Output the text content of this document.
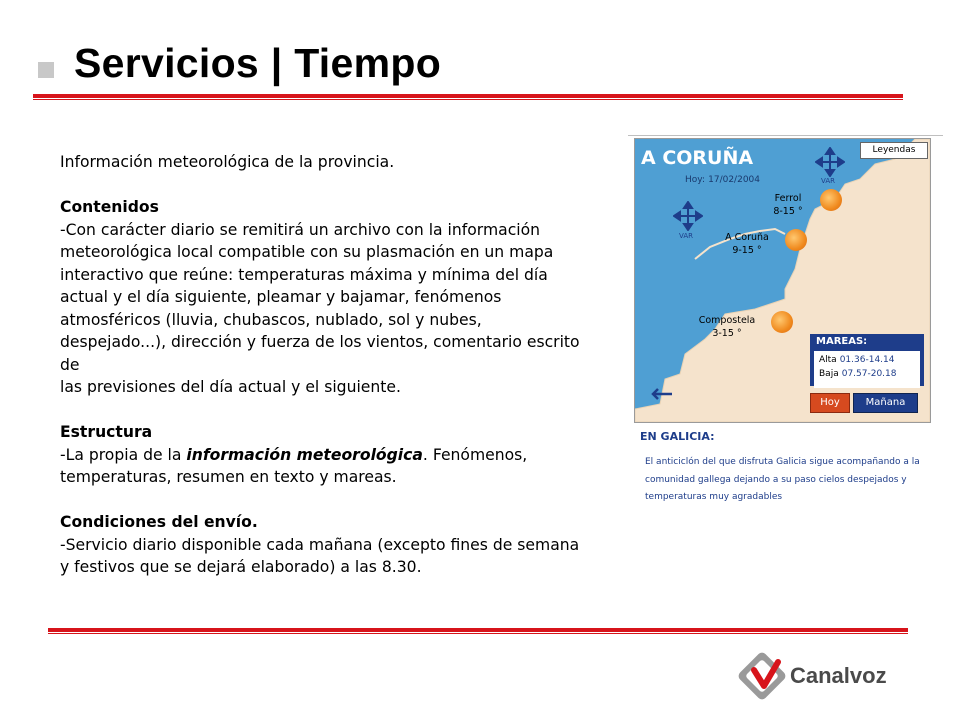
Servicios | Tiempo

Información meteorológica de la provincia.

Contenidos

-Con carácter diario se remitirá un archivo con la información meteorológica local compatible con su plasmación en un mapa interactivo que reúne: temperaturas máxima y mínima del día actual y el día siguiente, pleamar y bajamar, fenómenos atmosféricos (lluvia, chubascos, nublado, sol y nubes, despejado...), dirección y fuerza de los vientos, comentario escrito de

las previsiones del día actual y el siguiente.

Estructura

-La propia de la información meteorológica. Fenómenos, temperaturas, resumen en texto y mareas.

Condiciones del envío.

-Servicio diario disponible cada mañana (excepto fines de semana y festivos que se dejará elaborado) a las 8.30.

A CORUÑA
Hoy: 17/02/2004
Leyendas
VAR
VAR
Ferrol
8-15 °
A Coruña
9-15 °
Compostela
3-15 °
MAREAS:
Alta 01.36-14.14
Baja 07.57-20.18
Hoy	Mañana
EN GALICIA:
El anticiclón del que disfruta Galicia sigue acompañando a la comunidad gallega dejando a su paso cielos despejados y temperaturas muy agradables
Canalvoz
